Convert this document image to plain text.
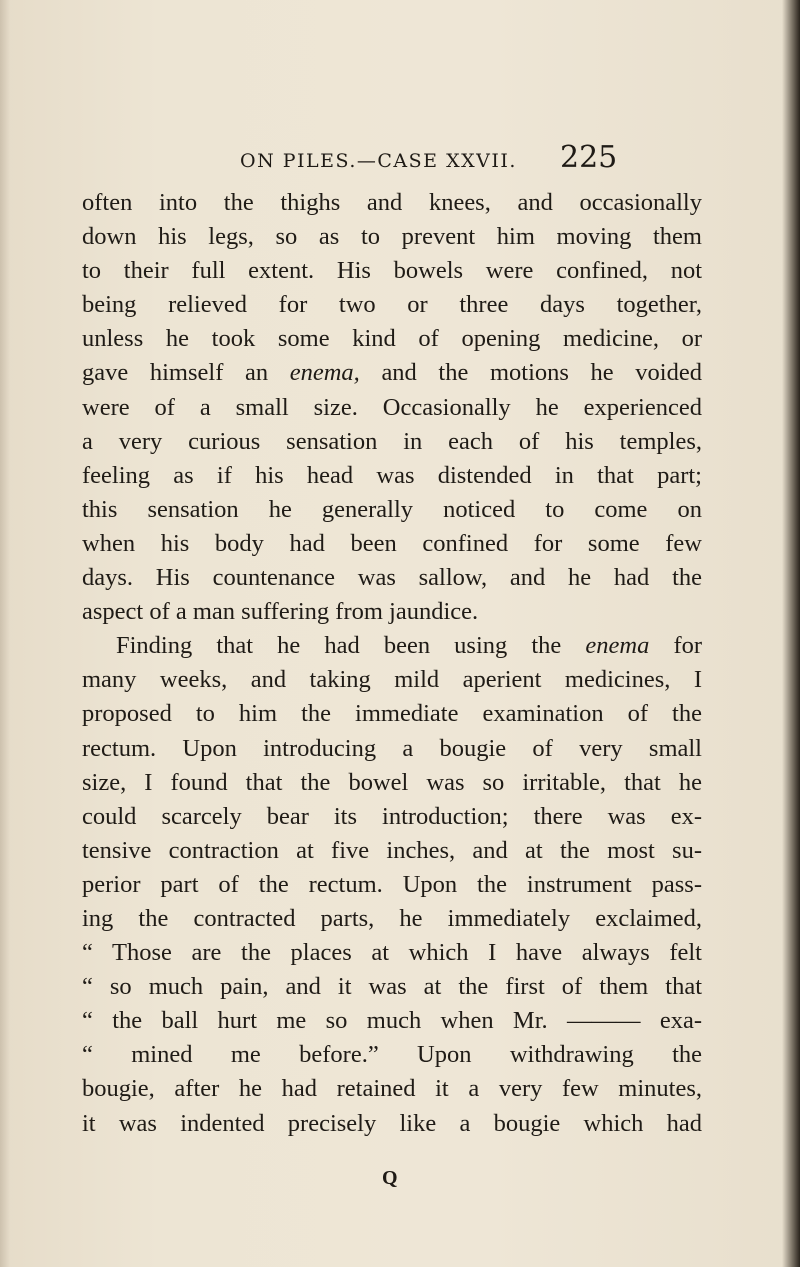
ON PILES.—CASE XXVII. 225
often into the thighs and knees, and occasionally
down his legs, so as to prevent him moving them
to their full extent. His bowels were confined, not
being relieved for two or three days together,
unless he took some kind of opening medicine, or
gave himself an enema, and the motions he voided
were of a small size. Occasionally he experienced
a very curious sensation in each of his temples,
feeling as if his head was distended in that part;
this sensation he generally noticed to come on
when his body had been confined for some few
days. His countenance was sallow, and he had the
aspect of a man suffering from jaundice.
Finding that he had been using the enema for
many weeks, and taking mild aperient medicines, I
proposed to him the immediate examination of the
rectum. Upon introducing a bougie of very small
size, I found that the bowel was so irritable, that he
could scarcely bear its introduction; there was ex-
tensive contraction at five inches, and at the most su-
perior part of the rectum. Upon the instrument pass-
ing the contracted parts, he immediately exclaimed,
“ Those are the places at which I have always felt
“ so much pain, and it was at the first of them that
“ the ball hurt me so much when Mr. ——— exa-
“ mined me before.” Upon withdrawing the
bougie, after he had retained it a very few minutes,
it was indented precisely like a bougie which had
Q
